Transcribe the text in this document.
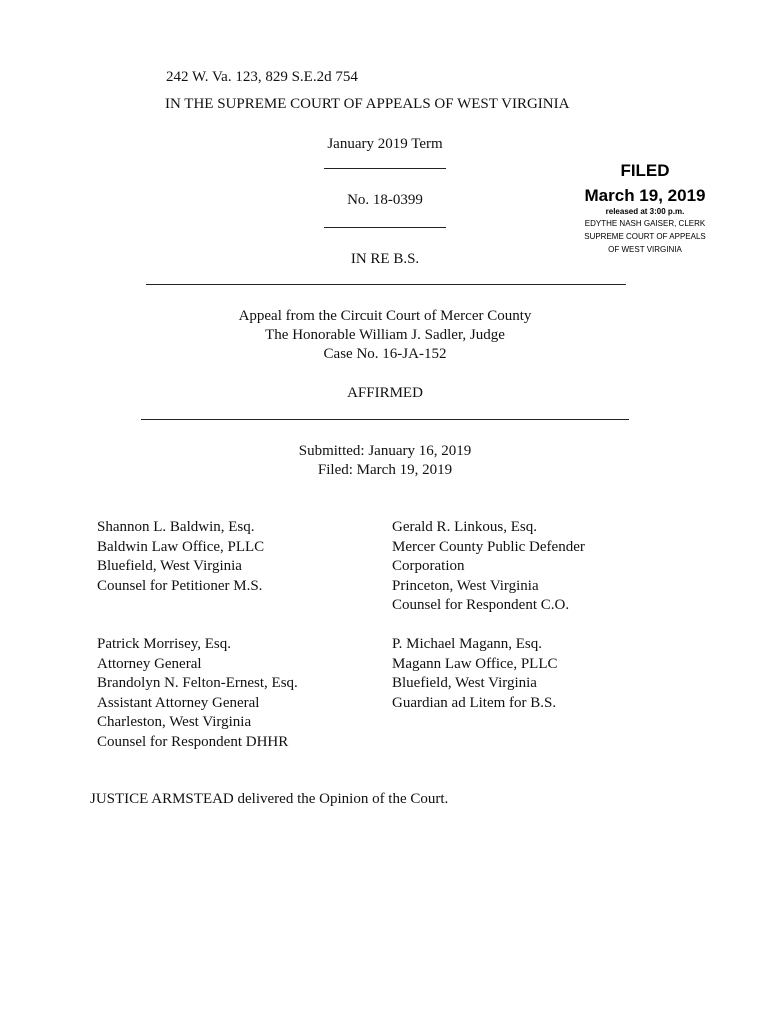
242 W. Va. 123, 829 S.E.2d 754
IN THE SUPREME COURT OF APPEALS OF WEST VIRGINIA
January 2019 Term
No. 18-0399
IN RE B.S.
FILED
March 19, 2019
released at 3:00 p.m.
EDYTHE NASH GAISER, CLERK
SUPREME COURT OF APPEALS
OF WEST VIRGINIA
Appeal from the Circuit Court of Mercer County
The Honorable William J. Sadler, Judge
Case No. 16-JA-152
AFFIRMED
Submitted: January 16, 2019
Filed: March 19, 2019
Shannon L. Baldwin, Esq.
Baldwin Law Office, PLLC
Bluefield, West Virginia
Counsel for Petitioner M.S.
Gerald R. Linkous, Esq.
Mercer County Public Defender
Corporation
Princeton, West Virginia
Counsel for Respondent C.O.
Patrick Morrisey, Esq.
Attorney General
Brandolyn N. Felton-Ernest, Esq.
Assistant Attorney General
Charleston, West Virginia
Counsel for Respondent DHHR
P. Michael Magann, Esq.
Magann Law Office, PLLC
Bluefield, West Virginia
Guardian ad Litem for B.S.
JUSTICE ARMSTEAD delivered the Opinion of the Court.
